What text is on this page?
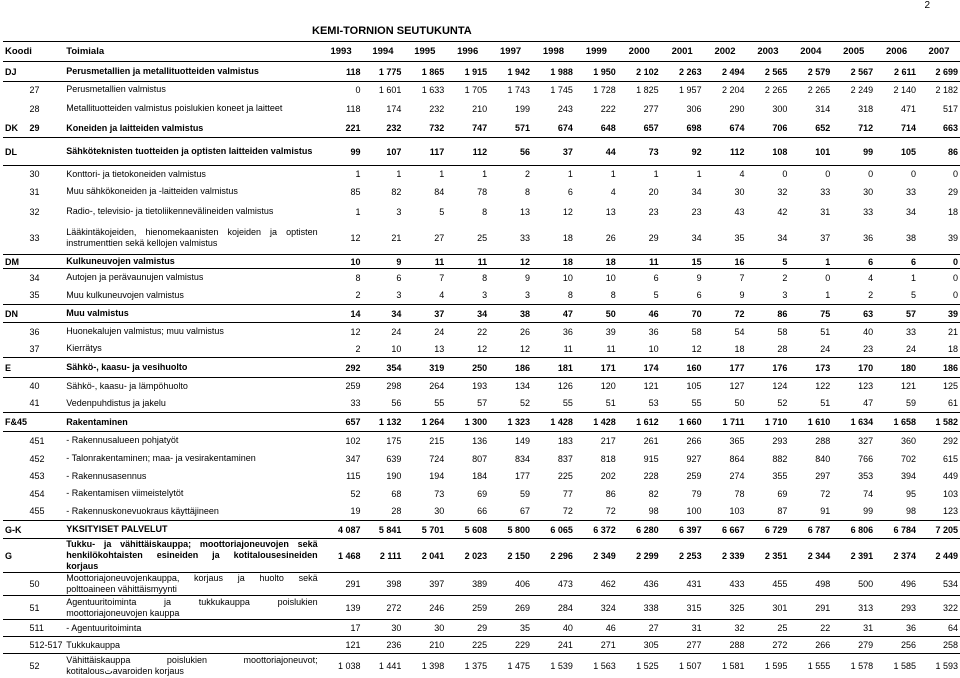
2
KEMI-TORNION SEUTUKUNTA
Koodi		Toimiala	1993	1994	1995	1996	1997	1998	1999	2000	2001	2002	2003	2004	2005	2006	2007
DJ		Perusmetallien ja metallituotteiden valmistus	118	1 775	1 865	1 915	1 942	1 988	1 950	2 102	2 263	2 494	2 565	2 579	2 567	2 611	2 699
	27	Perusmetallien valmistus	0	1 601	1 633	1 705	1 743	1 745	1 728	1 825	1 957	2 204	2 265	2 265	2 249	2 140	2 182
	28	Metallituotteiden valmistus poislukien koneet ja laitteet	118	174	232	210	199	243	222	277	306	290	300	314	318	471	517
DK	29	Koneiden ja laitteiden valmistus	221	232	732	747	571	674	648	657	698	674	706	652	712	714	663
DL		Sähköteknisten tuotteiden ja optisten laitteiden valmistus	99	107	117	112	56	37	44	73	92	112	108	101	99	105	86
	30	Konttori- ja tietokoneiden valmistus	1	1	1	1	2	1	1	1	1	4	0	0	0	0	0
	31	Muu sähkökoneiden ja -laitteiden valmistus	85	82	84	78	8	6	4	20	34	30	32	33	30	33	29
	32	Radio-, televisio- ja tietoliikennevälineiden valmistus	1	3	5	8	13	12	13	23	23	43	42	31	33	34	18
	33	Lääkintäkojeiden, hienomekaanisten kojeiden ja optisten instrumenttien sekä kellojen valmistus	12	21	27	25	33	18	26	29	34	35	34	37	36	38	39
DM		Kulkuneuvojen valmistus	10	9	11	11	12	18	18	11	15	16	5	1	6	6	0
	34	Autojen ja perävaunujen valmistus	8	6	7	8	9	10	10	6	9	7	2	0	4	1	0
	35	Muu kulkuneuvojen valmistus	2	3	4	3	3	8	8	5	6	9	3	1	2	5	0
DN		Muu valmistus	14	34	37	34	38	47	50	46	70	72	86	75	63	57	39
	36	Huonekalujen valmistus; muu valmistus	12	24	24	22	26	36	39	36	58	54	58	51	40	33	21
	37	Kierrätys	2	10	13	12	12	11	11	10	12	18	28	24	23	24	18
E		Sähkö-, kaasu- ja vesihuolto	292	354	319	250	186	181	171	174	160	177	176	173	170	180	186
	40	Sähkö-, kaasu- ja lämpöhuolto	259	298	264	193	134	126	120	121	105	127	124	122	123	121	125
	41	Vedenpuhdistus ja jakelu	33	56	55	57	52	55	51	53	55	50	52	51	47	59	61
F&45		Rakentaminen	657	1 132	1 264	1 300	1 323	1 428	1 428	1 612	1 660	1 711	1 710	1 610	1 634	1 658	1 582
	451	- Rakennusalueen pohjatyöt	102	175	215	136	149	183	217	261	266	365	293	288	327	360	292
	452	- Talonrakentaminen; maa- ja vesirakentaminen	347	639	724	807	834	837	818	915	927	864	882	840	766	702	615
	453	- Rakennusasennus	115	190	194	184	177	225	202	228	259	274	355	297	353	394	449
	454	- Rakentamisen viimeistelytöt	52	68	73	69	59	77	86	82	79	78	69	72	74	95	103
	455	- Rakennuskonevuokraus käyttäjineen	19	28	30	66	67	72	72	98	100	103	87	91	99	98	123
G-K		YKSITYISET PALVELUT	4 087	5 841	5 701	5 608	5 800	6 065	6 372	6 280	6 397	6 667	6 729	6 787	6 806	6 784	7 205
G		Tukku- ja vähittäiskauppa; moottoriajoneuvojen sekä henkilökohtaisten esineiden ja kotitalousesineiden korjaus	1 468	2 111	2 041	2 023	2 150	2 296	2 349	2 299	2 253	2 339	2 351	2 344	2 391	2 374	2 449
	50	Moottoriajoneuvojenkauppa, korjaus ja huolto sekä polttoaineen vähittäismyynti	291	398	397	389	406	473	462	436	431	433	455	498	500	496	534
	51	Agentuuritoiminta ja tukkukauppa poislukien moottoriajoneuvojen kauppa	139	272	246	259	269	284	324	338	315	325	301	291	313	293	322
	511	- Agentuuritoiminta	17	30	30	29	35	40	46	27	31	32	25	22	31	36	64
	512-517	Tukkukauppa	121	236	210	225	229	241	271	305	277	288	272	266	279	256	258
	52	Vähittäiskauppa poislukien moottoriajoneuvot; kotitalousتavaroiden korjaus	1 038	1 441	1 398	1 375	1 475	1 539	1 563	1 525	1 507	1 581	1 595	1 555	1 578	1 585	1 593
